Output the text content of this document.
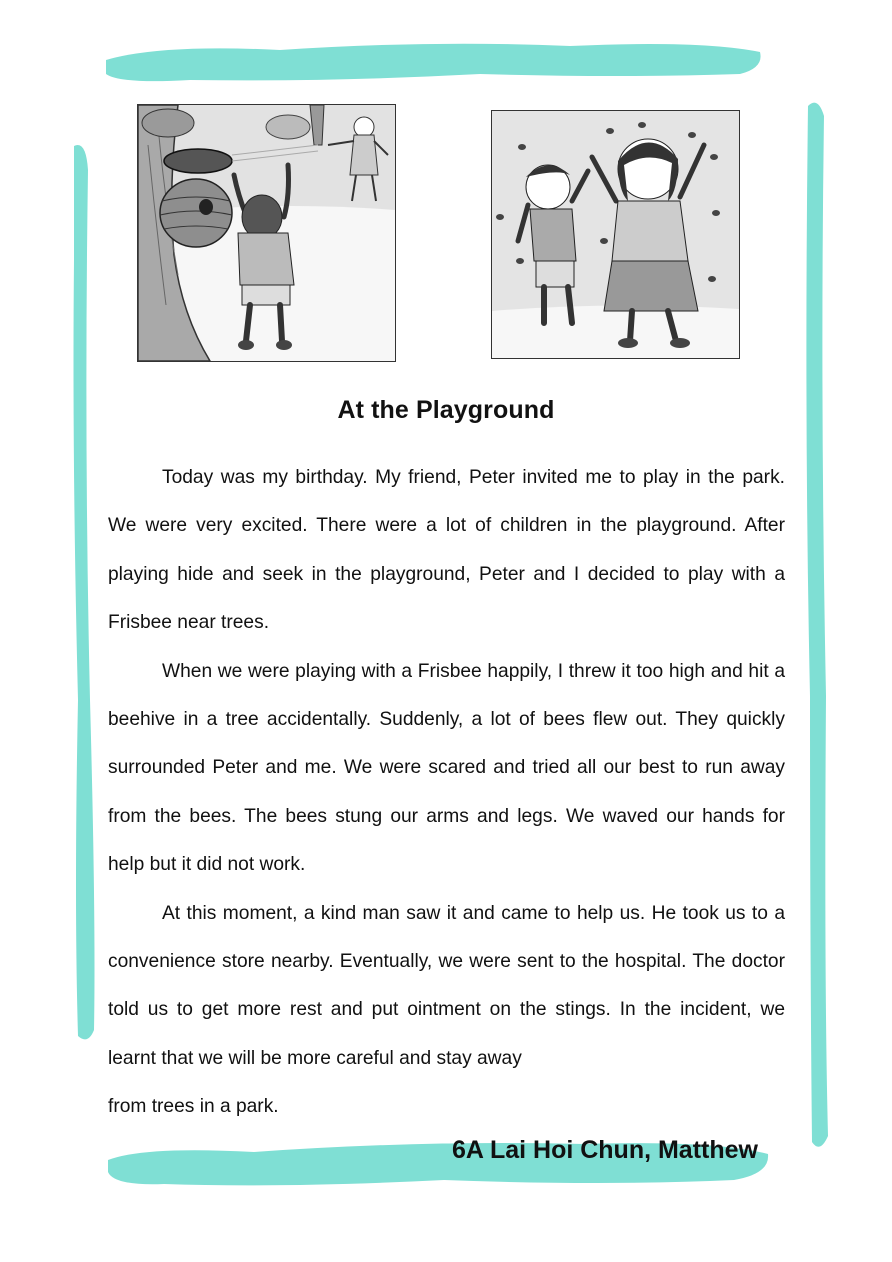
At the Playground

Today was my birthday. My friend, Peter invited me to play in the park. We were very excited. There were a lot of children in the playground. After playing hide and seek in the playground, Peter and I decided to play with a Frisbee near trees.

When we were playing with a Frisbee happily, I threw it too high and hit a beehive in a tree accidentally. Suddenly, a lot of bees flew out. They quickly surrounded Peter and me. We were scared and tried all our best to run away from the bees. The bees stung our arms and legs. We waved our hands for help but it did not work.

At this moment, a kind man saw it and came to help us. He took us to a convenience store nearby. Eventually, we were sent to the hospital. The doctor told us to get more rest and put ointment on the stings. In the incident, we learnt that we will be more careful and stay away

from trees in a park.

6A Lai Hoi Chun, Matthew
